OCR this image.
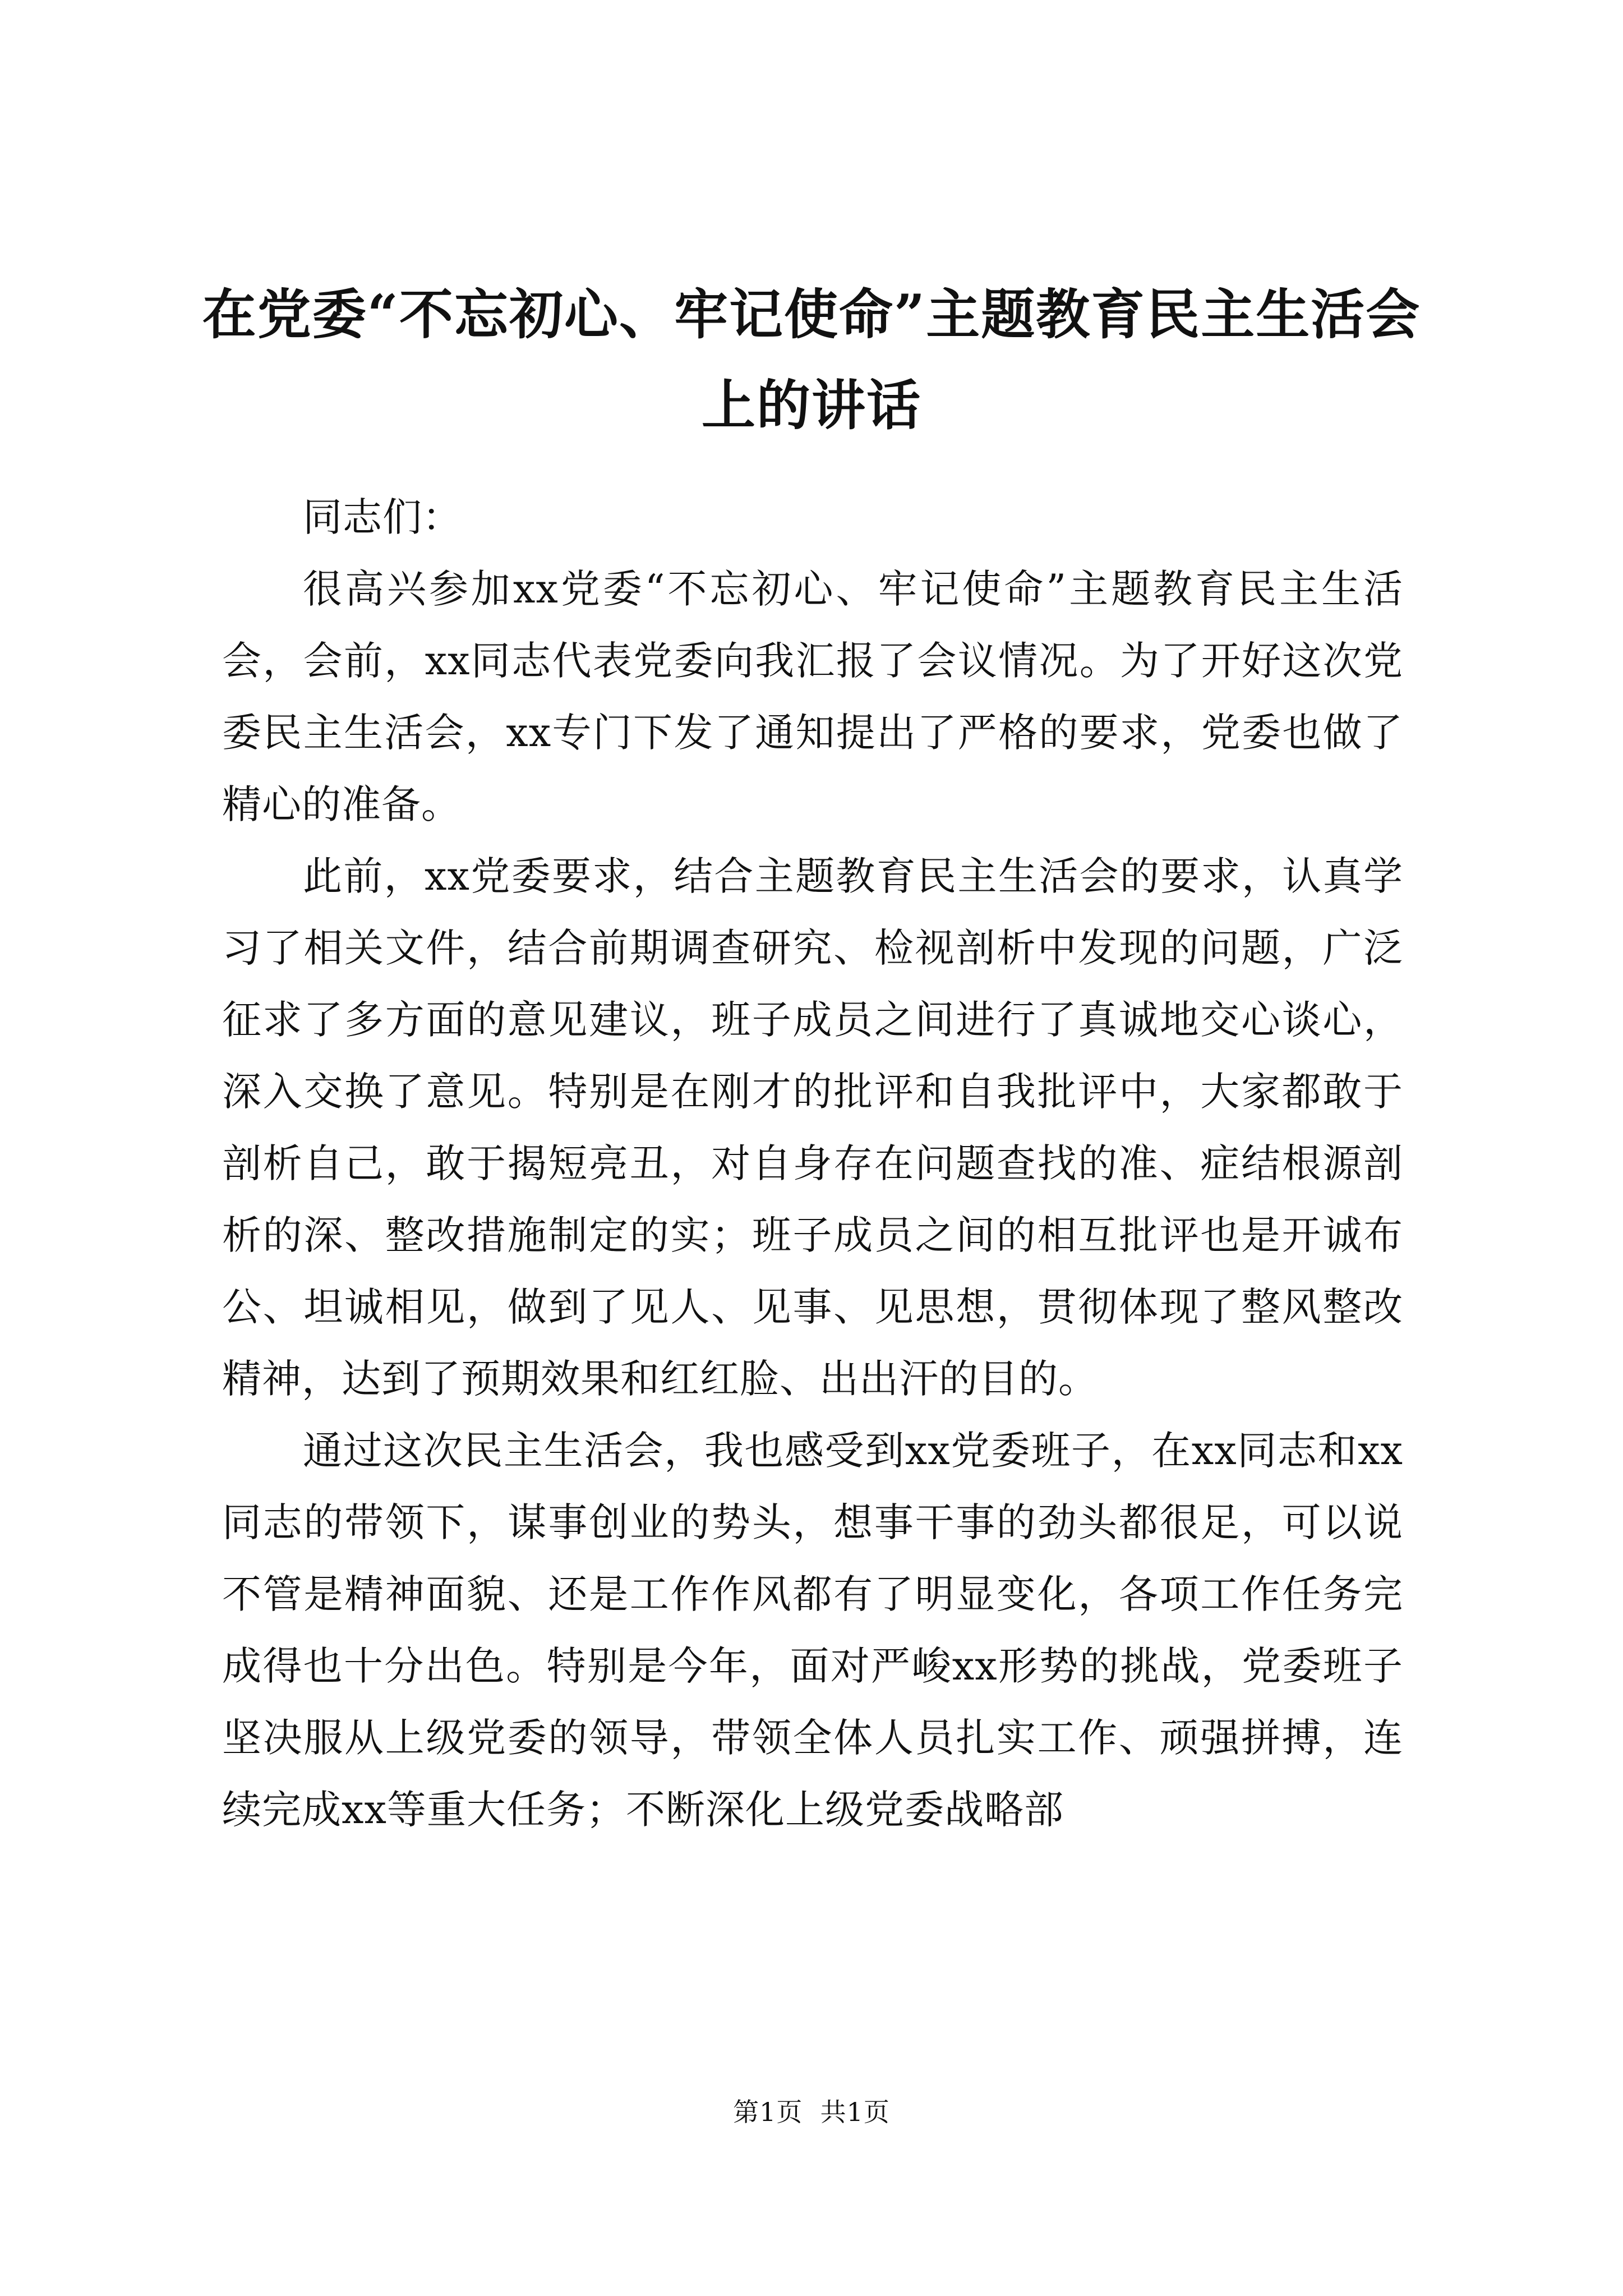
在党委“不忘初心、牢记使命”主题教育民主生活会上的讲话

同志们：

很高兴参加xx党委“不忘初心、牢记使命”主题教育民主生活会，会前，xx同志代表党委向我汇报了会议情况。为了开好这次党委民主生活会，xx专门下发了通知提出了严格的要求，党委也做了精心的准备。

此前，xx党委要求，结合主题教育民主生活会的要求，认真学习了相关文件，结合前期调查研究、检视剖析中发现的问题，广泛征求了多方面的意见建议，班子成员之间进行了真诚地交心谈心，深入交换了意见。特别是在刚才的批评和自我批评中，大家都敢于剖析自己，敢于揭短亮丑，对自身存在问题查找的准、症结根源剖析的深、整改措施制定的实；班子成员之间的相互批评也是开诚布公、坦诚相见，做到了见人、见事、见思想，贯彻体现了整风整改精神，达到了预期效果和红红脸、出出汗的目的。

通过这次民主生活会，我也感受到xx党委班子，在xx同志和xx同志的带领下，谋事创业的势头，想事干事的劲头都很足，可以说不管是精神面貌、还是工作作风都有了明显变化，各项工作任务完成得也十分出色。特别是今年，面对严峻xx形势的挑战，党委班子坚决服从上级党委的领导，带领全体人员扎实工作、顽强拼搏，连续完成xx等重大任务；不断深化上级党委战略部

第1页 共1页
